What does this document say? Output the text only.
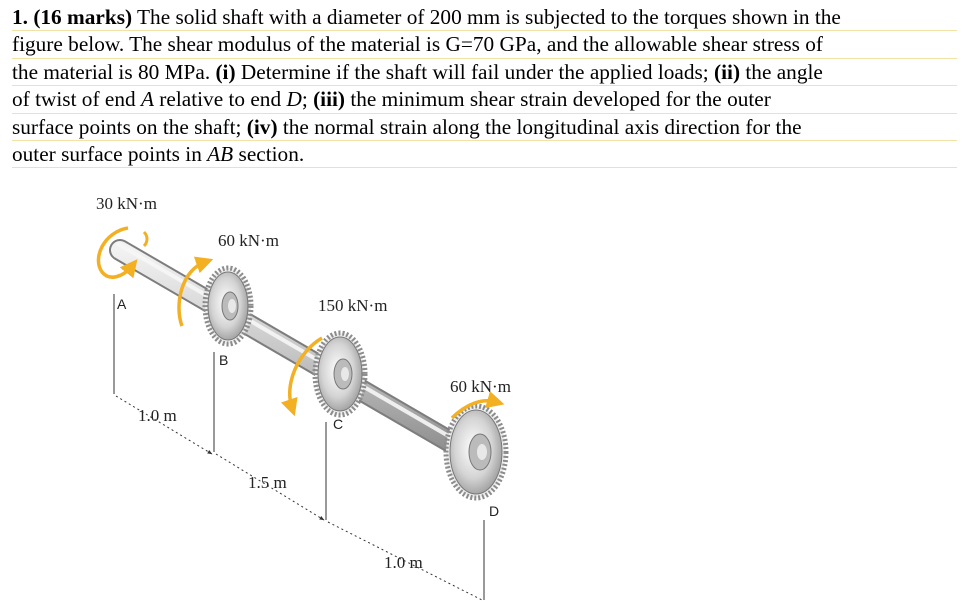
1. (16 marks) The solid shaft with a diameter of 200 mm is subjected to the torques shown in the
figure below. The shear modulus of the material is G=70 GPa, and the allowable shear stress of
the material is 80 MPa. (i) Determine if the shaft will fail under the applied loads; (ii) the angle
of twist of end A relative to end D; (iii) the minimum shear strain developed for the outer
surface points on the shaft; (iv) the normal strain along the longitudinal axis direction for the
outer surface points in AB section.
30 kN·m
60 kN·m
150 kN·m
60 kN·m
A
B
C
D
1.0 m
1.5 m
1.0 m
